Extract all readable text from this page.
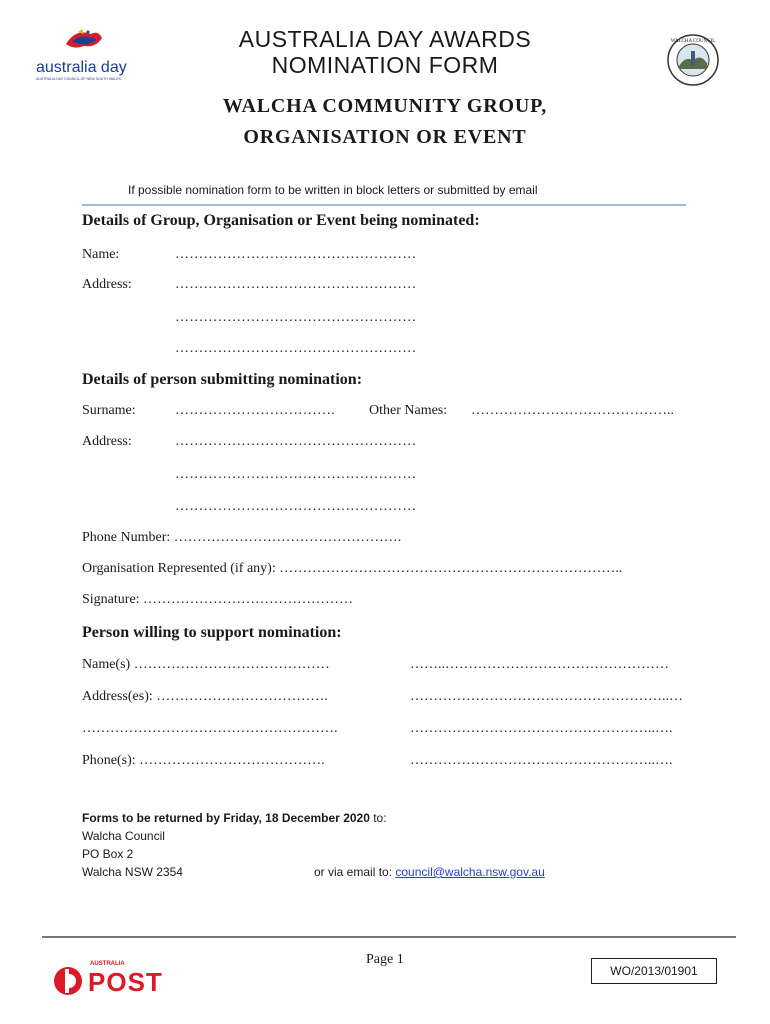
australia day
AUSTRALIA DAY COUNCIL OF NEW SOUTH WALES
AUSTRALIA DAY AWARDS
NOMINATION FORM
WALCHA COUNCIL
WALCHA COMMUNITY GROUP,
ORGANISATION OR EVENT
If possible nomination form to be written in block letters or submitted by email
Details of Group, Organisation or Event being nominated:
Name:	……………………………………………
Address:	……………………………………………
……………………………………………
……………………………………………
Details of person submitting nomination:
Surname:	……………………………. Other Names: ……………………………………..
Address:	……………………………………………
……………………………………………
……………………………………………
Phone Number: ………………………………………….
Organisation Represented (if any): ………………………………………………………………..
Signature: ………………………………………
Person willing to support nomination:
Name(s) ……………………………………	……..…………………………………………
Address(es): ……………………………….	………………………………………………..…
……………………………………………….	……………………………………………..….
Phone(s): ………………………………….	……………………………………………..….
Forms to be returned by Friday, 18 December 2020 to:
Walcha Council
PO Box 2
Walcha NSW 2354	or via email to: council@walcha.nsw.gov.au
AUSTRALIA
POST
Page 1
WO/2013/01901
